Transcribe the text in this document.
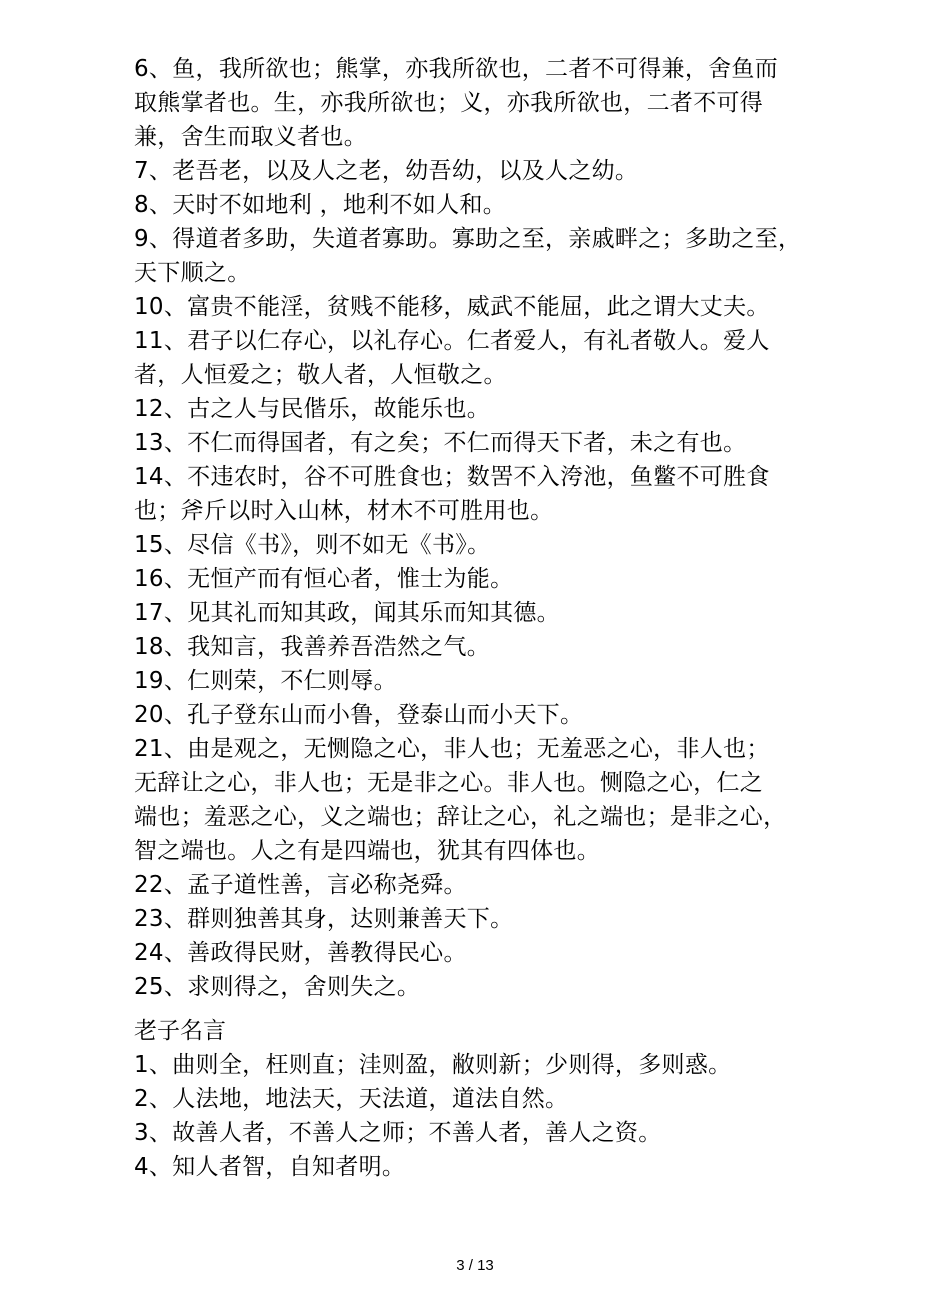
6、鱼，我所欲也；熊掌，亦我所欲也，二者不可得兼，舍鱼而
取熊掌者也。生，亦我所欲也；义，亦我所欲也，二者不可得
兼，舍生而取义者也。
7、老吾老，以及人之老，幼吾幼，以及人之幼。
8、天时不如地利 ，地利不如人和。
9、得道者多助，失道者寡助。寡助之至，亲戚畔之；多助之至，
天下顺之。
10、富贵不能淫，贫贱不能移，威武不能屈，此之谓大丈夫。
11、君子以仁存心，以礼存心。仁者爱人，有礼者敬人。爱人
者，人恒爱之；敬人者，人恒敬之。
12、古之人与民偕乐，故能乐也。
13、不仁而得国者，有之矣；不仁而得天下者，未之有也。
14、不违农时，谷不可胜食也；数罟不入洿池，鱼鳖不可胜食
也；斧斤以时入山林，材木不可胜用也。
15、尽信《书》，则不如无《书》。
16、无恒产而有恒心者，惟士为能。
17、见其礼而知其政，闻其乐而知其德。
18、我知言，我善养吾浩然之气。
19、仁则荣，不仁则辱。
20、孔子登东山而小鲁，登泰山而小天下。
21、由是观之，无恻隐之心，非人也；无羞恶之心，非人也；
无辞让之心，非人也；无是非之心。非人也。恻隐之心，仁之
端也；羞恶之心，义之端也；辞让之心，礼之端也；是非之心，
智之端也。人之有是四端也，犹其有四体也。
22、孟子道性善，言必称尧舜。
23、群则独善其身，达则兼善天下。
24、善政得民财，善教得民心。
25、求则得之，舍则失之。
老子名言
1、曲则全，枉则直；洼则盈，敝则新；少则得，多则惑。
2、人法地，地法天，天法道，道法自然。
3、故善人者，不善人之师；不善人者，善人之资。
4、知人者智，自知者明。
3 / 13
